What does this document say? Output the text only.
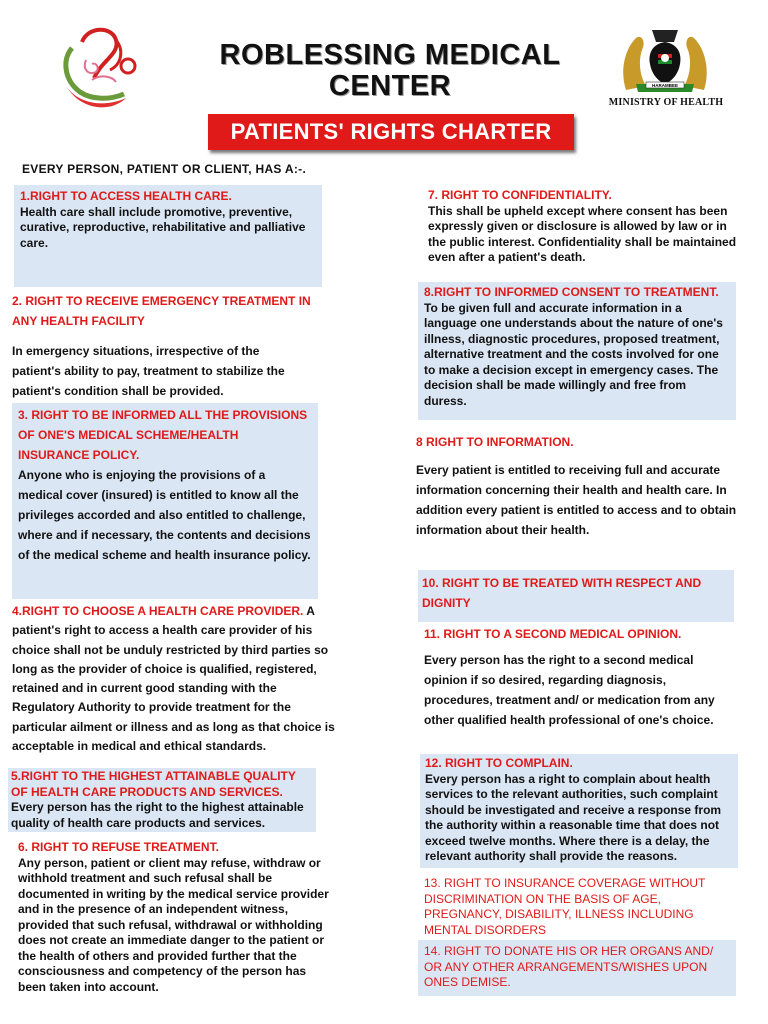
ROBLESSING MEDICAL
CENTER	HARAMBEE
MINISTRY OF HEALTH
PATIENTS' RIGHTS CHARTER
EVERY PERSON, PATIENT OR CLIENT, HAS A:-.
1.RIGHT TO ACCESS HEALTH CARE.
Health care shall include promotive, preventive, curative, reproductive, rehabilitative and palliative care.
2. RIGHT TO RECEIVE EMERGENCY TREATMENT IN ANY HEALTH FACILITY
In emergency situations, irrespective of the patient's ability to pay, treatment to stabilize the patient's condition shall be provided.
3. RIGHT TO BE INFORMED ALL THE PROVISIONS OF ONE'S MEDICAL SCHEME/HEALTH INSURANCE POLICY.
Anyone who is enjoying the provisions of a medical cover (insured) is entitled to know all the privileges accorded and also entitled to challenge, where and if necessary, the contents and decisions of the medical scheme and health insurance policy.
4.RIGHT TO CHOOSE A HEALTH CARE PROVIDER. A patient's right to access a health care provider of his choice shall not be unduly restricted by third parties so long as the provider of choice is qualified, registered, retained and in current good standing with the Regulatory Authority to provide treatment for the particular ailment or illness and as long as that choice is acceptable in medical and ethical standards.
5.RIGHT TO THE HIGHEST ATTAINABLE QUALITY OF HEALTH CARE PRODUCTS AND SERVICES.
Every person has the right to the highest attainable quality of health care products and services.
6. RIGHT TO REFUSE TREATMENT.
Any person, patient or client may refuse, withdraw or withhold treatment and such refusal shall be documented in writing by the medical service provider and in the presence of an independent witness, provided that such refusal, withdrawal or withholding does not create an immediate danger to the patient or the health of others and provided further that the consciousness and competency of the person has been taken into account.
7. RIGHT TO CONFIDENTIALITY.
This shall be upheld except where consent has been expressly given or disclosure is allowed by law or in the public interest. Confidentiality shall be maintained even after a patient's death.
8.RIGHT TO INFORMED CONSENT TO TREATMENT.
To be given full and accurate information in a language one understands about the nature of one's illness, diagnostic procedures, proposed treatment, alternative treatment and the costs involved for one to make a decision except in emergency cases. The decision shall be made willingly and free from duress.
8 RIGHT TO INFORMATION.
Every patient is entitled to receiving full and accurate information concerning their health and health care. In addition every patient is entitled to access and to obtain information about their health.
10. RIGHT TO BE TREATED WITH RESPECT AND DIGNITY
11. RIGHT TO A SECOND MEDICAL OPINION.
Every person has the right to a second medical opinion if so desired, regarding diagnosis, procedures, treatment and/ or medication from any other qualified health professional of one's choice.
12. RIGHT TO COMPLAIN.
Every person has a right to complain about health services to the relevant authorities, such complaint should be investigated and receive a response from the authority within a reasonable time that does not exceed twelve months. Where there is a delay, the relevant authority shall provide the reasons.
13. RIGHT TO INSURANCE COVERAGE WITHOUT DISCRIMINATION ON THE BASIS OF AGE, PREGNANCY, DISABILITY, ILLNESS INCLUDING MENTAL DISORDERS
14. RIGHT TO DONATE HIS OR HER ORGANS AND/ OR ANY OTHER ARRANGEMENTS/WISHES UPON ONES DEMISE.
